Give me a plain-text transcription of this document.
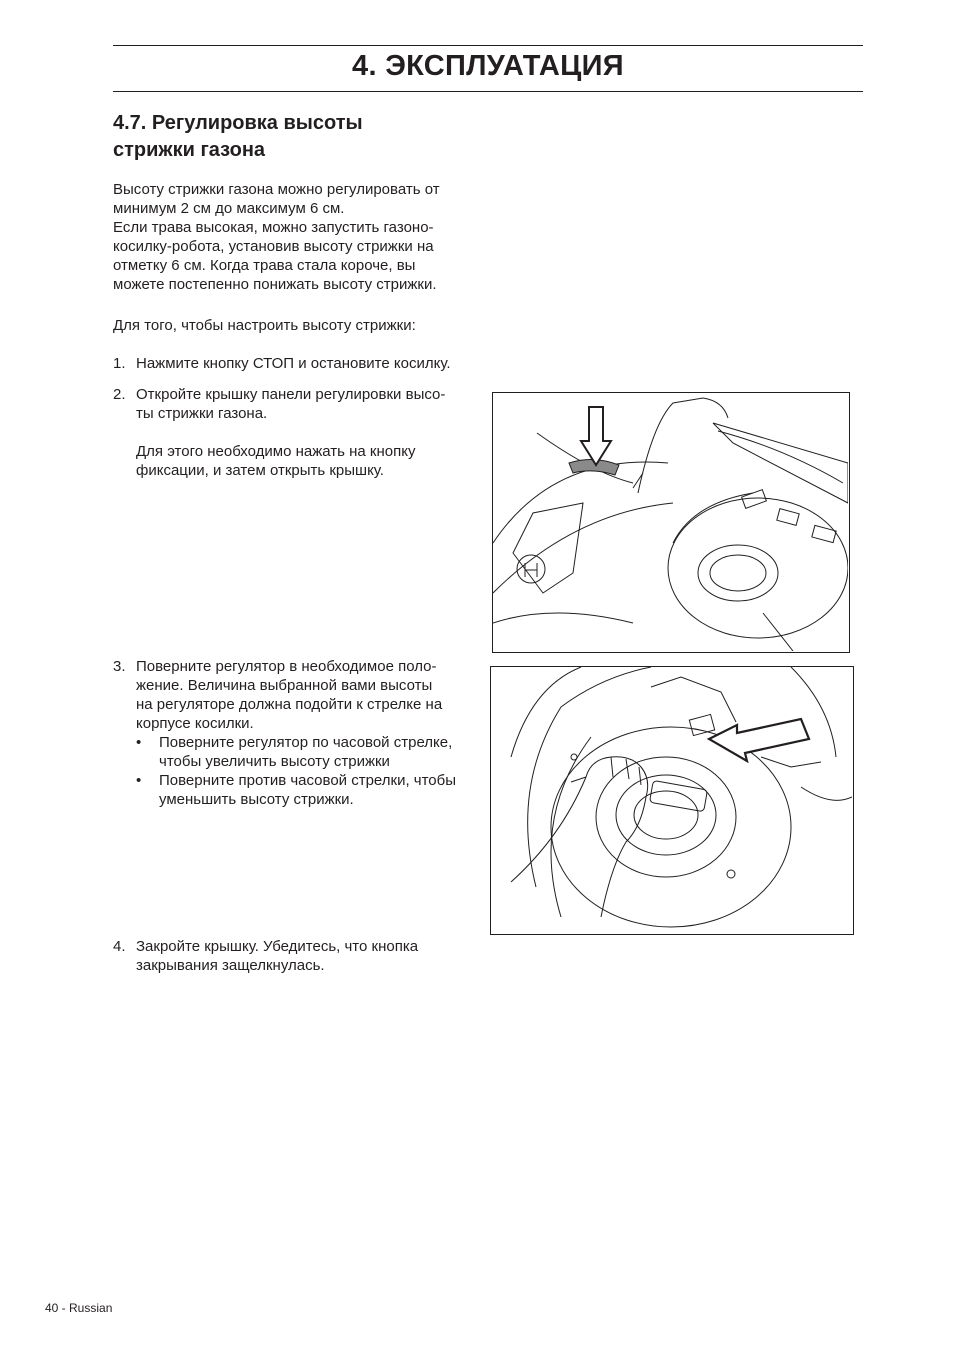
4. ЭКСПЛУАТАЦИЯ
4.7. Регулировка высоты
стрижки газона
Высоту стрижки газона можно регулировать от
минимум 2 см до максимум 6 см.
Если трава высокая, можно запустить газоно-
косилку-робота, установив высоту стрижки на
отметку 6 см. Когда трава стала короче, вы
можете постепенно понижать высоту стрижки.
Для того, чтобы настроить высоту стрижки:
1. Нажмите кнопку СТОП и остановите косилку.
2. Откройте крышку панели регулировки высо-
ты стрижки газона.
Для этого необходимо нажать на кнопку
фиксации, и затем открыть крышку.
3. Поверните регулятор в необходимое поло-
жение. Величина выбранной вами высоты
на регуляторе должна подойти к стрелке на
корпусе косилки.
• Поверните регулятор по часовой стрелке,
чтобы увеличить высоту стрижки
• Поверните против часовой стрелки, чтобы
уменьшить высоту стрижки.
4. Закройте крышку. Убедитесь, что кнопка
закрывания защелкнулась.
40 - Russian
